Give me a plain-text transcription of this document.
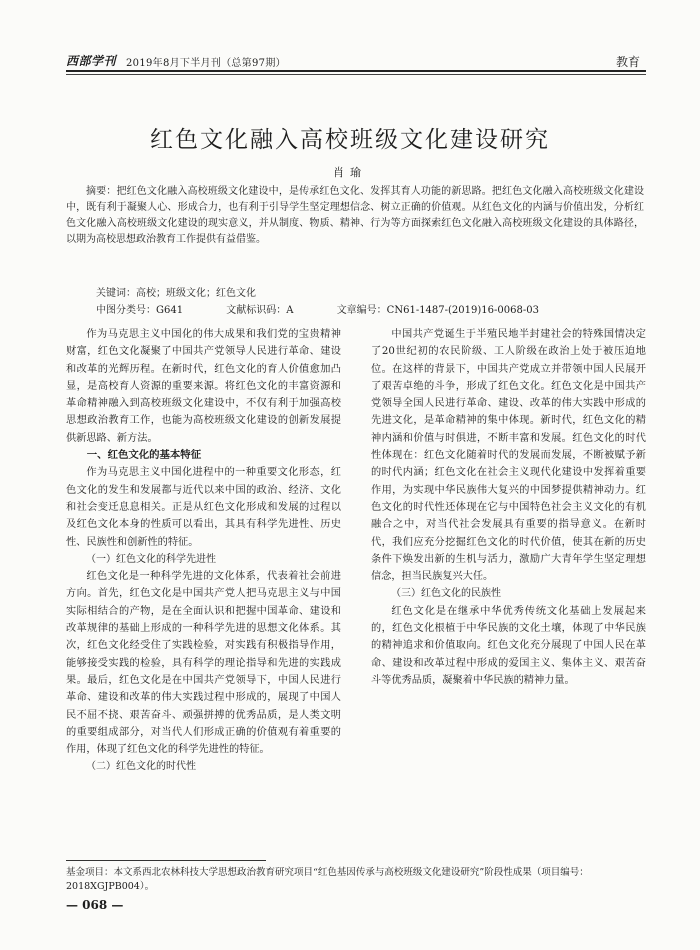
西部学刊 2019年8月下半月刊（总第97期）	教育
红色文化融入高校班级文化建设研究
肖瑜
摘要：把红色文化融入高校班级文化建设中，是传承红色文化、发挥其育人功能的新思路。把红色文化融入高校班级文化建设中，既有利于凝聚人心、形成合力，也有利于引导学生坚定理想信念、树立正确的价值观。从红色文化的内涵与价值出发，分析红色文化融入高校班级文化建设的现实意义，并从制度、物质、精神、行为等方面探索红色文化融入高校班级文化建设的具体路径，以期为高校思想政治教育工作提供有益借鉴。
关键词：高校；班级文化；红色文化
中图分类号：G641	文献标识码：A	文章编号：CN61-1487-(2019)16-0068-03

作为马克思主义中国化的伟大成果和我们党的宝贵精神财富，红色文化凝聚了中国共产党领导人民进行革命、建设和改革的光辉历程。在新时代，红色文化的育人价值愈加凸显，是高校育人资源的重要来源。将红色文化的丰富资源和革命精神融入到高校班级文化建设中，不仅有利于加强高校思想政治教育工作，也能为高校班级文化建设的创新发展提供新思路、新方法。

一、红色文化的基本特征

作为马克思主义中国化进程中的一种重要文化形态，红色文化的发生和发展都与近代以来中国的政治、经济、文化和社会变迁息息相关。正是从红色文化形成和发展的过程以及红色文化本身的性质可以看出，其具有科学先进性、历史性、民族性和创新性的特征。

（一）红色文化的科学先进性

红色文化是一种科学先进的文化体系，代表着社会前进方向。首先，红色文化是中国共产党人把马克思主义与中国实际相结合的产物，是在全面认识和把握中国革命、建设和改革规律的基础上形成的一种科学先进的思想文化体系。其次，红色文化经受住了实践检验，对实践有积极指导作用，能够接受实践的检验，具有科学的理论指导和先进的实践成果。最后，红色文化是在中国共产党领导下，中国人民进行革命、建设和改革的伟大实践过程中形成的，展现了中国人民不屈不挠、艰苦奋斗、顽强拼搏的优秀品质，是人类文明的重要组成部分，对当代人们形成正确的价值观有着重要的作用，体现了红色文化的科学先进性的特征。

（二）红色文化的时代性

中国共产党诞生于半殖民地半封建社会的特殊国情决定了20世纪初的农民阶级、工人阶级在政治上处于被压迫地位。在这样的背景下，中国共产党成立并带领中国人民展开了艰苦卓绝的斗争，形成了红色文化。红色文化是中国共产党领导全国人民进行革命、建设、改革的伟大实践中形成的先进文化，是革命精神的集中体现。新时代，红色文化的精神内涵和价值与时俱进，不断丰富和发展。红色文化的时代性体现在：红色文化随着时代的发展而发展，不断被赋予新的时代内涵；红色文化在社会主义现代化建设中发挥着重要作用，为实现中华民族伟大复兴的中国梦提供精神动力。红色文化的时代性还体现在它与中国特色社会主义文化的有机融合之中，对当代社会发展具有重要的指导意义。在新时代，我们应充分挖掘红色文化的时代价值，使其在新的历史条件下焕发出新的生机与活力，激励广大青年学生坚定理想信念，担当民族复兴大任。

（三）红色文化的民族性

红色文化是在继承中华优秀传统文化基础上发展起来的，红色文化根植于中华民族的文化土壤，体现了中华民族的精神追求和价值取向。红色文化充分展现了中国人民在革命、建设和改革过程中形成的爱国主义、集体主义、艰苦奋斗等优秀品质，凝聚着中华民族的精神力量。

基金项目：本文系西北农林科技大学思想政治教育研究项目“红色基因传承与高校班级文化建设研究”阶段性成果（项目编号：2018XGJPB004）。
— 068 —
